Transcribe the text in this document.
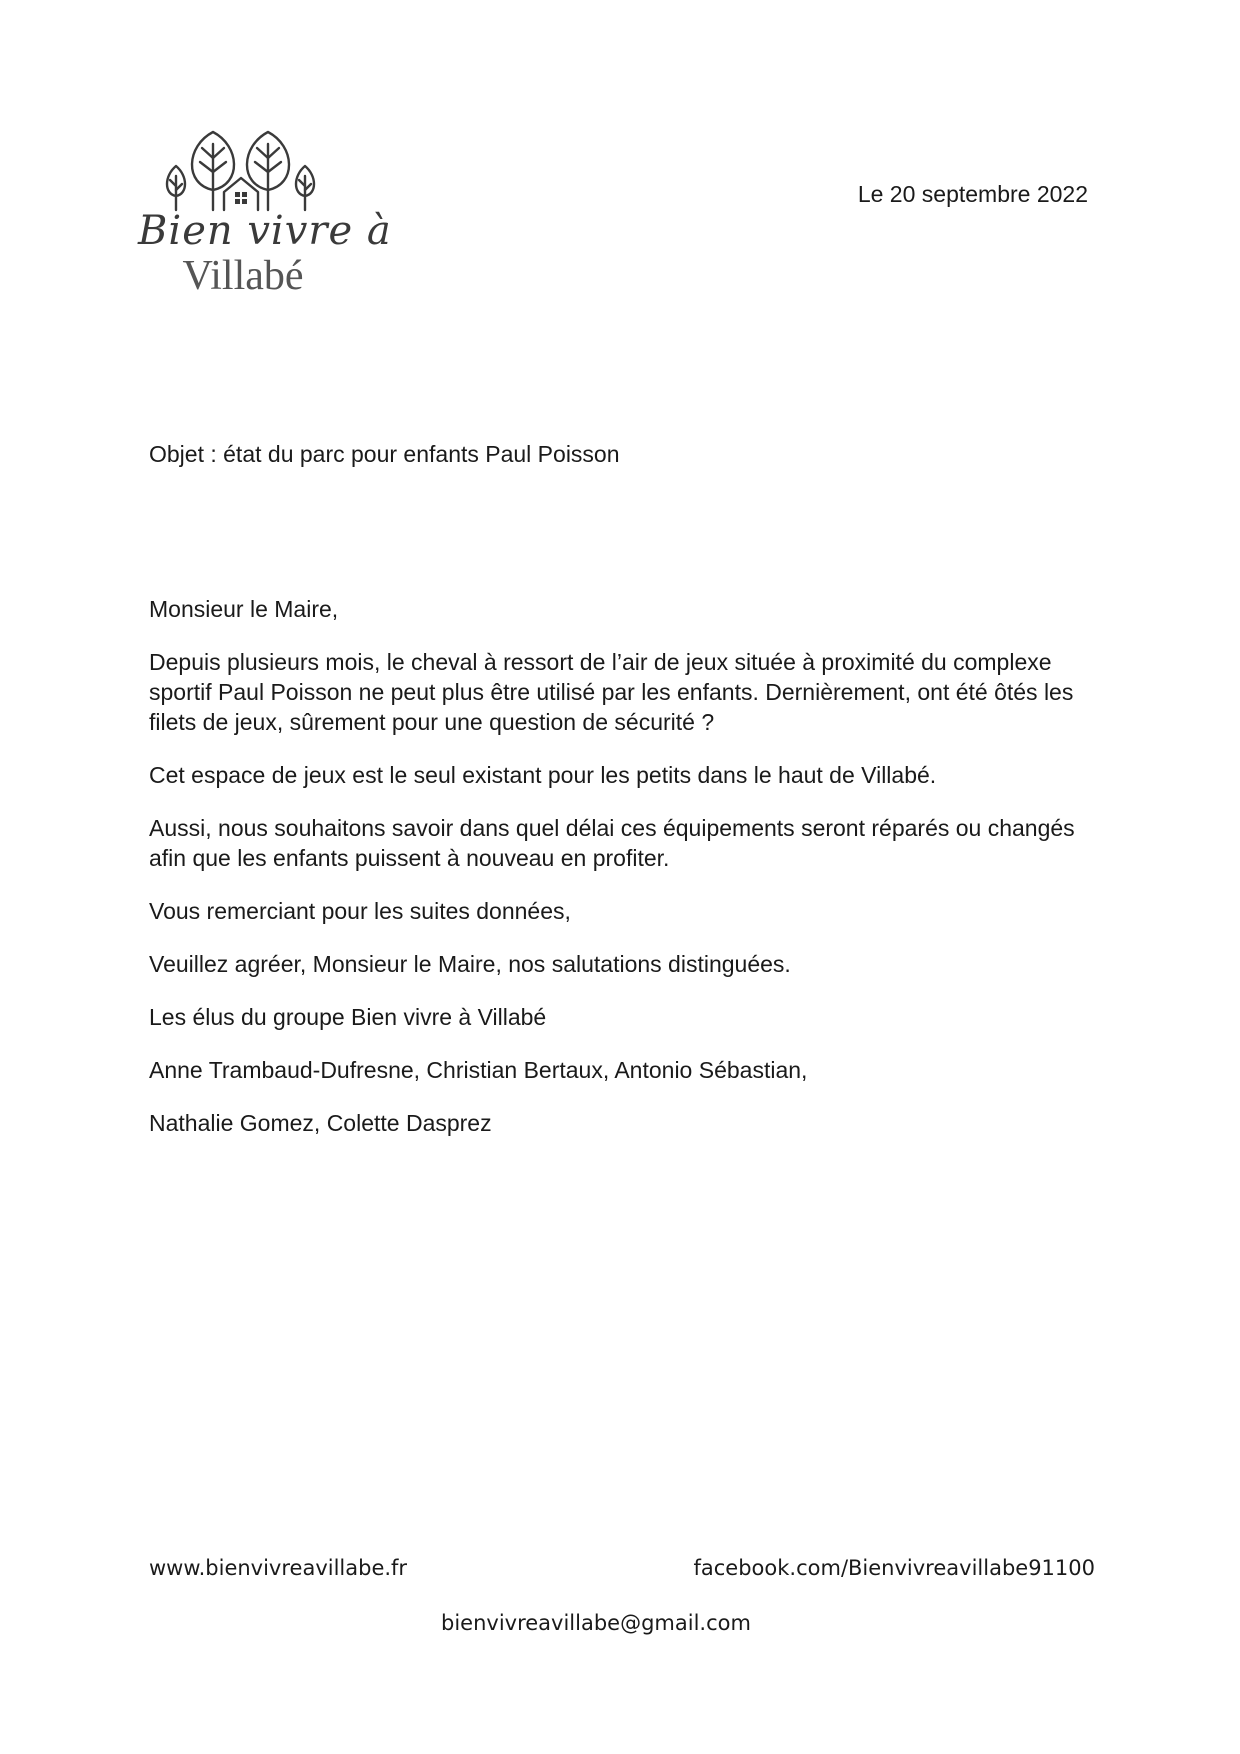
Bien vivre à
Villabé
Le 20 septembre 2022
Objet : état du parc pour enfants Paul Poisson

Monsieur le Maire,

Depuis plusieurs mois, le cheval à ressort de l’air de jeux située à proximité du complexe sportif Paul Poisson ne peut plus être utilisé par les enfants. Dernièrement, ont été ôtés les filets de jeux, sûrement pour une question de sécurité ?

Cet espace de jeux est le seul existant pour les petits dans le haut de Villabé.

Aussi, nous souhaitons savoir dans quel délai ces équipements seront réparés ou changés afin que les enfants puissent à nouveau en profiter.

Vous remerciant pour les suites données,

Veuillez agréer, Monsieur le Maire, nos salutations distinguées.

Les élus du groupe Bien vivre à Villabé

Anne Trambaud-Dufresne, Christian Bertaux, Antonio Sébastian,

Nathalie Gomez, Colette Dasprez

www.bienvivreavillabe.fr	facebook.com/Bienvivreavillabe91100
bienvivreavillabe@gmail.com
